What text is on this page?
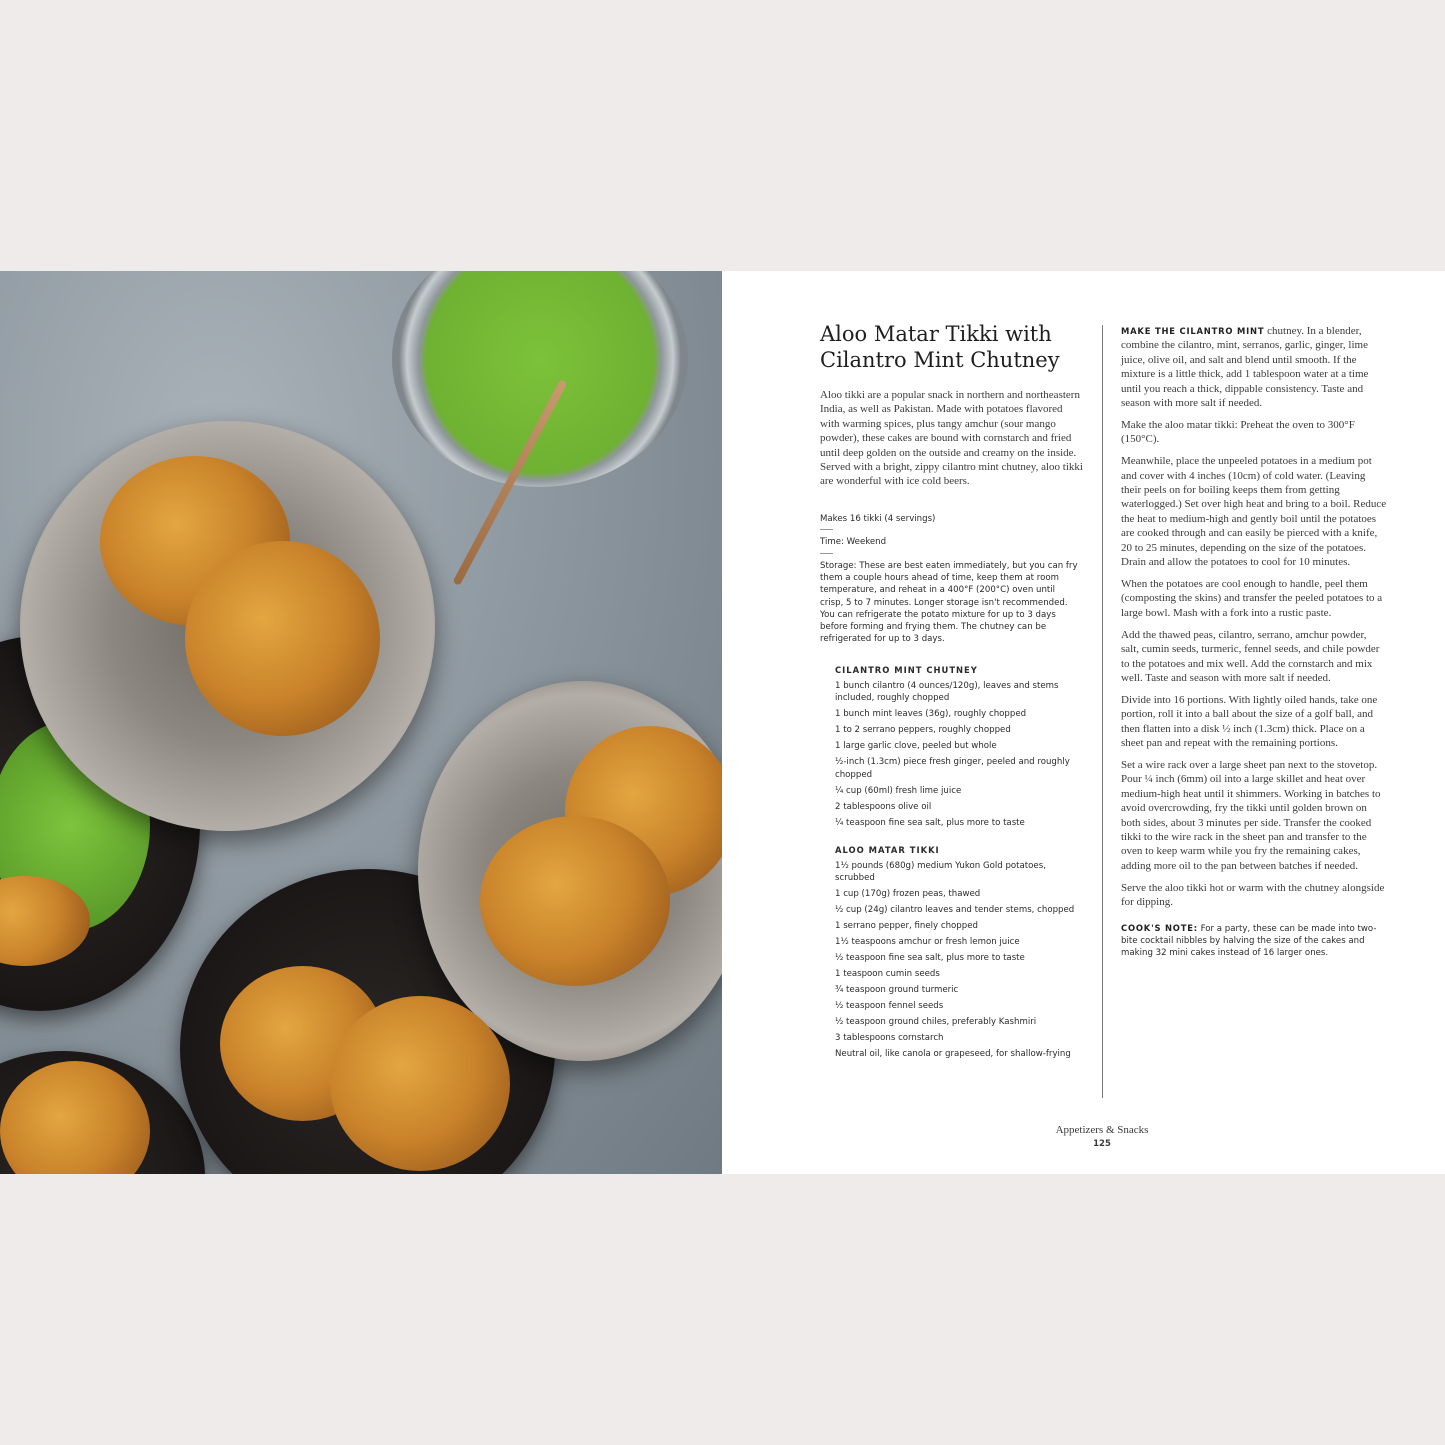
Aloo Matar Tikki with Cilantro Mint Chutney
Aloo tikki are a popular snack in northern and northeastern India, as well as Pakistan. Made with potatoes flavored with warming spices, plus tangy amchur (sour mango powder), these cakes are bound with cornstarch and fried until deep golden on the outside and creamy on the inside. Served with a bright, zippy cilantro mint chutney, aloo tikki are wonderful with ice cold beers.
Makes 16 tikki (4 servings)
Time: Weekend
Storage: These are best eaten immediately, but you can fry them a couple hours ahead of time, keep them at room temperature, and reheat in a 400°F (200°C) oven until crisp, 5 to 7 minutes. Longer storage isn't recommended. You can refrigerate the potato mixture for up to 3 days before forming and frying them. The chutney can be refrigerated for up to 3 days.
CILANTRO MINT CHUTNEY
1 bunch cilantro (4 ounces/120g), leaves and stems included, roughly chopped
1 bunch mint leaves (36g), roughly chopped
1 to 2 serrano peppers, roughly chopped
1 large garlic clove, peeled but whole
½-inch (1.3cm) piece fresh ginger, peeled and roughly chopped
¼ cup (60ml) fresh lime juice
2 tablespoons olive oil
¼ teaspoon fine sea salt, plus more to taste
ALOO MATAR TIKKI
1½ pounds (680g) medium Yukon Gold potatoes, scrubbed
1 cup (170g) frozen peas, thawed
½ cup (24g) cilantro leaves and tender stems, chopped
1 serrano pepper, finely chopped
1½ teaspoons amchur or fresh lemon juice
½ teaspoon fine sea salt, plus more to taste
1 teaspoon cumin seeds
¾ teaspoon ground turmeric
½ teaspoon fennel seeds
½ teaspoon ground chiles, preferably Kashmiri
3 tablespoons cornstarch
Neutral oil, like canola or grapeseed, for shallow-frying

MAKE THE CILANTRO MINT chutney. In a blender, combine the cilantro, mint, serranos, garlic, ginger, lime juice, olive oil, and salt and blend until smooth. If the mixture is a little thick, add 1 tablespoon water at a time until you reach a thick, dippable consistency. Taste and season with more salt if needed.

Make the aloo matar tikki: Preheat the oven to 300°F (150°C).

Meanwhile, place the unpeeled potatoes in a medium pot and cover with 4 inches (10cm) of cold water. (Leaving their peels on for boiling keeps them from getting waterlogged.) Set over high heat and bring to a boil. Reduce the heat to medium-high and gently boil until the potatoes are cooked through and can easily be pierced with a knife, 20 to 25 minutes, depending on the size of the potatoes. Drain and allow the potatoes to cool for 10 minutes.

When the potatoes are cool enough to handle, peel them (composting the skins) and transfer the peeled potatoes to a large bowl. Mash with a fork into a rustic paste.

Add the thawed peas, cilantro, serrano, amchur powder, salt, cumin seeds, turmeric, fennel seeds, and chile powder to the potatoes and mix well. Add the cornstarch and mix well. Taste and season with more salt if needed.

Divide into 16 portions. With lightly oiled hands, take one portion, roll it into a ball about the size of a golf ball, and then flatten into a disk ½ inch (1.3cm) thick. Place on a sheet pan and repeat with the remaining portions.

Set a wire rack over a large sheet pan next to the stovetop. Pour ¼ inch (6mm) oil into a large skillet and heat over medium-high heat until it shimmers. Working in batches to avoid overcrowding, fry the tikki until golden brown on both sides, about 3 minutes per side. Transfer the cooked tikki to the wire rack in the sheet pan and transfer to the oven to keep warm while you fry the remaining cakes, adding more oil to the pan between batches if needed.

Serve the aloo tikki hot or warm with the chutney alongside for dipping.

COOK'S NOTE: For a party, these can be made into two-bite cocktail nibbles by halving the size of the cakes and making 32 mini cakes instead of 16 larger ones.
Appetizers & Snacks
125
